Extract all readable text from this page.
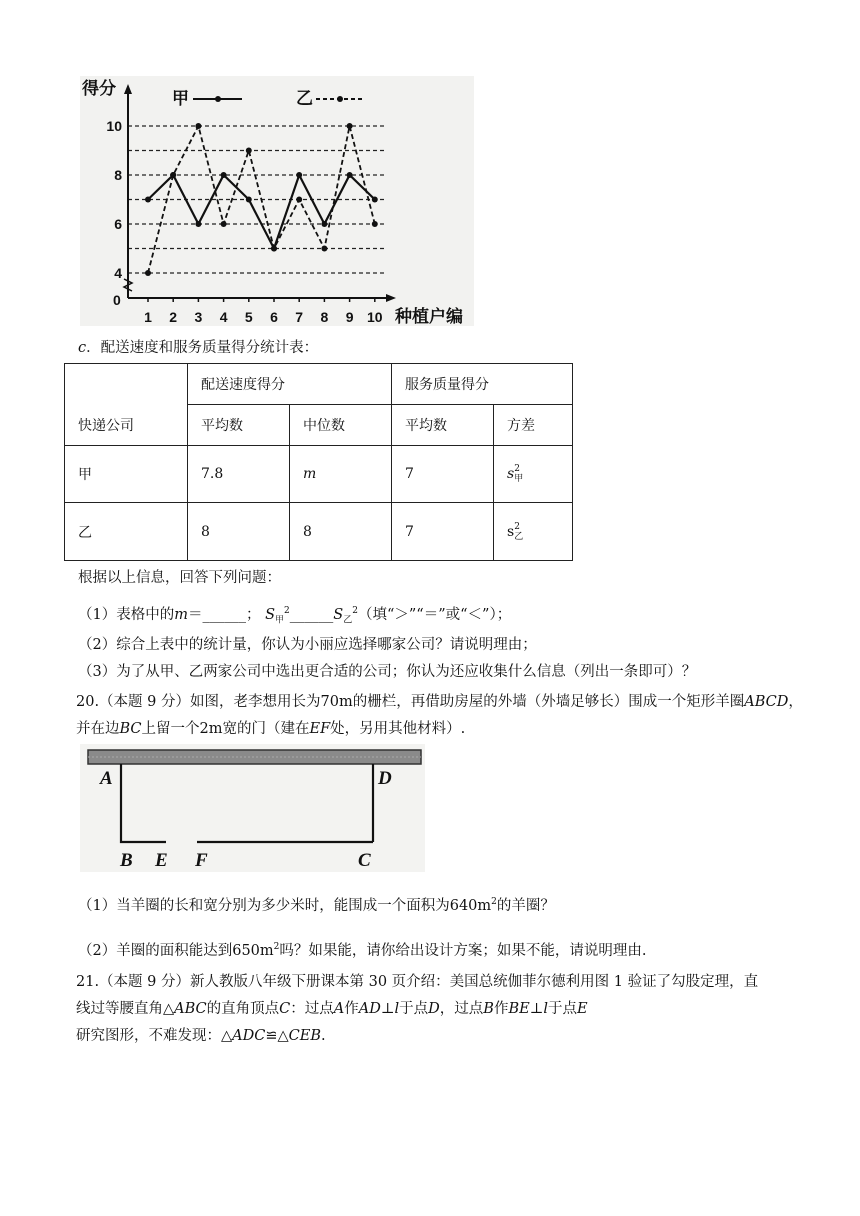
4
6
8
10
1 2 3 4 5 6 7 8 9 10
得分
种植户编
0
甲	乙
c．配送速度和服务质量得分统计表：
快递公司	配送速度得分		服务质量得分	
	平均数	中位数	平均数	方差
甲	7.8	m	7	s 2
甲

乙	8	8	7	s 2
乙
根据以上信息，回答下列问题：
（1）表格中的m＝______； $S_甲^2\_\_\_\_\_\_S_乙^2$（填“＞”“＝”或“＜”）；
（2）综合上表中的统计量，你认为小丽应选择哪家公司？请说明理由；
（3）为了从甲、乙两家公司中选出更合适的公司；你认为还应收集什么信息（列出一条即可）？
20.（本题 9 分）如图，老李想用长为70m的栅栏，再借助房屋的外墙（外墙足够长）围成一个矩形羊圈ABCD，
并在边BC上留一个2m宽的门（建在EF处，另用其他材料）.
A	D
B E F	C
（1）当羊圈的长和宽分别为多少米时，能围成一个面积为$640m^2$的羊圈？
（2）羊圈的面积能达到$650m^2$吗？如果能，请你给出设计方案；如果不能，请说明理由.
21.（本题 9 分）新人教版八年级下册课本第 30 页介绍：美国总统伽菲尔德利用图 1 验证了勾股定理，直
线过等腰直角△ABC的直角顶点C：过点A作AD⊥l于点D，过点B作BE⊥l于点E
研究图形，不难发现：△ADC≌△CEB.
